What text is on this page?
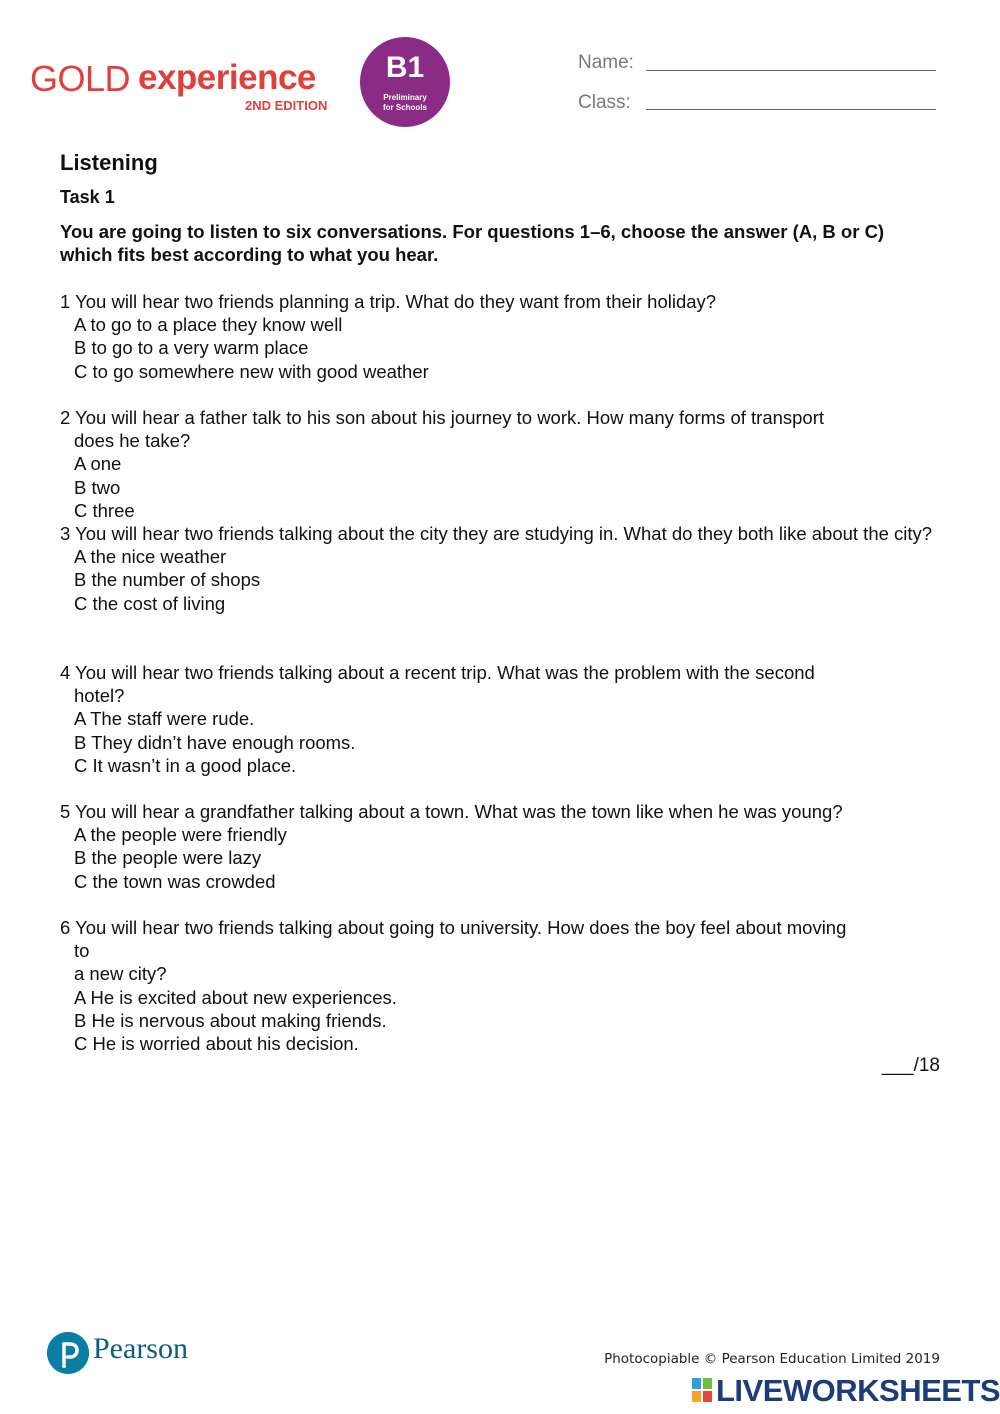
GOLD experience
2ND EDITION
B1
Preliminary
for Schools
Name:
Class:
Listening
Task 1
You are going to listen to six conversations. For questions 1–6, choose the answer (A, B or C) which fits best according to what you hear.

1 You will hear two friends planning a trip. What do they want from their holiday?

A to go to a place they know well

B to go to a very warm place

C to go somewhere new with good weather

2 You will hear a father talk to his son about his journey to work. How many forms of transport

does he take?

A one

B two

C three

3 You will hear two friends talking about the city they are studying in. What do they both like about the city?

A the nice weather

B the number of shops

C the cost of living

4 You will hear two friends talking about a recent trip. What was the problem with the second

hotel?

A The staff were rude.

B They didn’t have enough rooms.

C It wasn’t in a good place.

5 You will hear a grandfather talking about a town. What was the town like when he was young?

A the people were friendly

B the people were lazy

C the town was crowded

6 You will hear two friends talking about going to university. How does the boy feel about moving

to

a new city?

A He is excited about new experiences.

B He is nervous about making friends.

C He is worried about his decision.

___/18
Pearson	Photocopiable © Pearson Education Limited 2019
LIVEWORKSHEETS
